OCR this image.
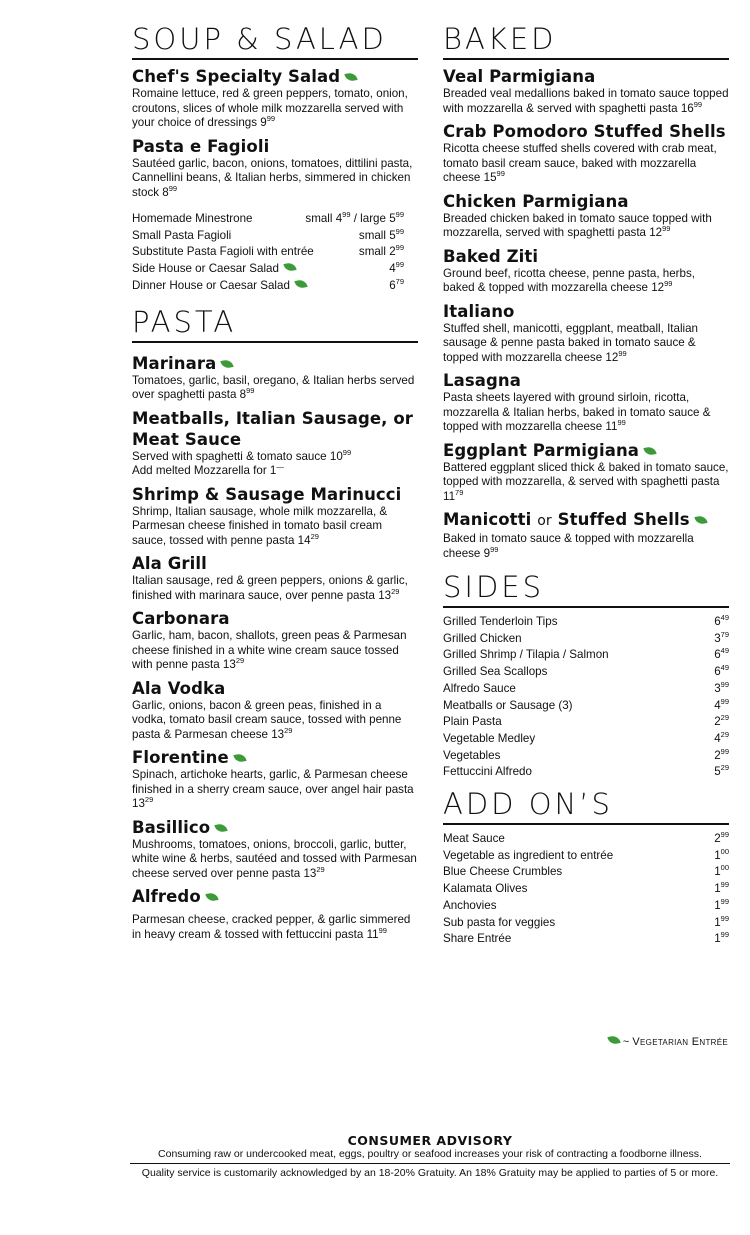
SOUP & SALAD
Chef's Specialty Salad
Romaine lettuce, red & green peppers, tomato, onion, croutons, slices of whole milk mozzarella served with your choice of dressings $9^{99}$
Pasta e Fagioli
Sautéed garlic, bacon, onions, tomatoes, dittilini pasta, Cannellini beans, & Italian herbs, simmered in chicken stock $8^{99}$
Homemade Minestrone	small $4^{99}$ / large $5^{99}$
Small Pasta Fagioli	small $5^{99}$
Substitute Pasta Fagioli with entrée	small $2^{99}$
Side House or Caesar Salad	$4^{99}$
Dinner House or Caesar Salad	$6^{79}$
PASTA
Marinara
Tomatoes, garlic, basil, oregano, & Italian herbs served over spaghetti pasta $8^{99}$
Meatballs, Italian Sausage, or Meat Sauce
Served with spaghetti & tomato sauce $10^{99}$
Add melted Mozzarella for 1—
Shrimp & Sausage Marinucci
Shrimp, Italian sausage, whole milk mozzarella, & Parmesan cheese finished in tomato basil cream sauce, tossed with penne pasta $14^{29}$
Ala Grill
Italian sausage, red & green peppers, onions & garlic, finished with marinara sauce, over penne pasta $13^{29}$
Carbonara
Garlic, ham, bacon, shallots, green peas & Parmesan cheese finished in a white wine cream sauce tossed with penne pasta $13^{29}$
Ala Vodka
Garlic, onions, bacon & green peas, finished in a vodka, tomato basil cream sauce, tossed with penne pasta & Parmesan cheese $13^{29}$
Florentine
Spinach, artichoke hearts, garlic, & Parmesan cheese finished in a sherry cream sauce, over angel hair pasta $13^{29}$
Basillico
Mushrooms, tomatoes, onions, broccoli, garlic, butter, white wine & herbs, sautéed and tossed with Parmesan cheese served over penne pasta $13^{29}$
Alfredo
Parmesan cheese, cracked pepper, & garlic simmered in heavy cream & tossed with fettuccini pasta $11^{99}$
BAKED
Veal Parmigiana
Breaded veal medallions baked in tomato sauce topped with mozzarella & served with spaghetti pasta $16^{99}$
Crab Pomodoro Stuffed Shells
Ricotta cheese stuffed shells covered with crab meat, tomato basil cream sauce, baked with mozzarella cheese $15^{99}$
Chicken Parmigiana
Breaded chicken baked in tomato sauce topped with mozzarella, served with spaghetti pasta $12^{99}$
Baked Ziti
Ground beef, ricotta cheese, penne pasta, herbs, baked & topped with mozzarella cheese $12^{99}$
Italiano
Stuffed shell, manicotti, eggplant, meatball, Italian sausage & penne pasta baked in tomato sauce & topped with mozzarella cheese $12^{99}$
Lasagna
Pasta sheets layered with ground sirloin, ricotta, mozzarella & Italian herbs, baked in tomato sauce & topped with mozzarella cheese $11^{99}$
Eggplant Parmigiana
Battered eggplant sliced thick & baked in tomato sauce, topped with mozzarella, & served with spaghetti pasta $11^{79}$
Manicotti or Stuffed Shells
Baked in tomato sauce & topped with mozzarella cheese $9^{99}$
SIDES
Grilled Tenderloin Tips	$6^{49}$
Grilled Chicken	$3^{79}$
Grilled Shrimp / Tilapia / Salmon	$6^{49}$
Grilled Sea Scallops	$6^{49}$
Alfredo Sauce	$3^{99}$
Meatballs or Sausage (3)	$4^{99}$
Plain Pasta	$2^{29}$
Vegetable Medley	$4^{29}$
Vegetables	$2^{99}$
Fettuccini Alfredo	$5^{29}$
ADD ON’S
Meat Sauce	$2^{99}$
Vegetable as ingredient to entrée	$1^{00}$
Blue Cheese Crumbles	$1^{00}$
Kalamata Olives	$1^{99}$
Anchovies	$1^{99}$
Sub pasta for veggies	$1^{99}$
Share Entrée	$1^{99}$
~ Vegetarian Entrée
CONSUMER ADVISORY
Consuming raw or undercooked meat, eggs, poultry or seafood increases your risk of contracting a foodborne illness.
Quality service is customarily acknowledged by an 18-20% Gratuity. An 18% Gratuity may be applied to parties of 5 or more.
